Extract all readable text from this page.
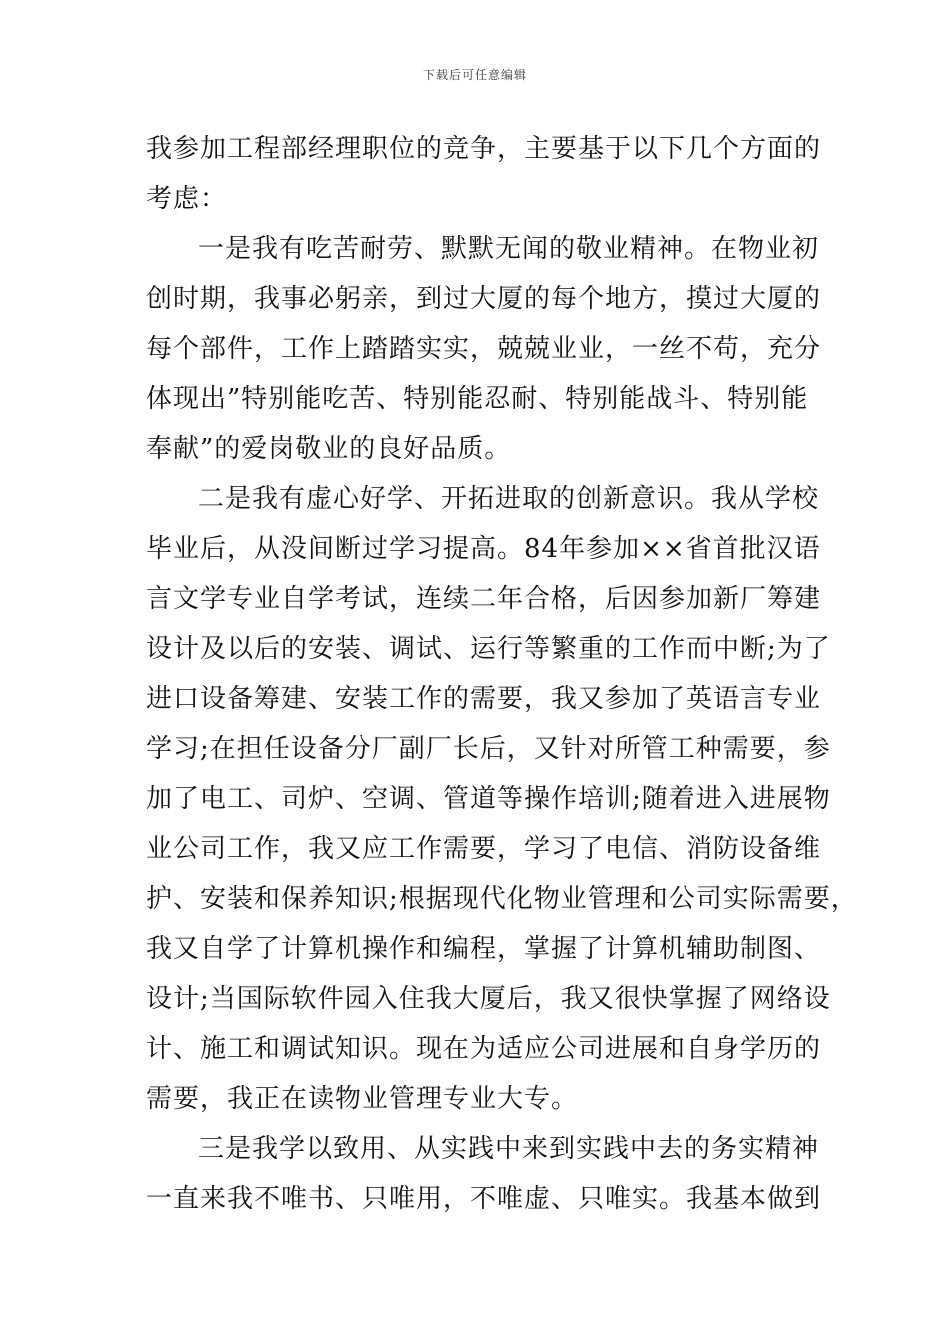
下载后可任意编辑
我参加工程部经理职位的竞争，主要基于以下几个方面的
考虑：
一是我有吃苦耐劳、默默无闻的敬业精神。在物业初
创时期，我事必躬亲，到过大厦的每个地方，摸过大厦的
每个部件，工作上踏踏实实，兢兢业业，一丝不苟，充分
体现出”特别能吃苦、特别能忍耐、特别能战斗、特别能
奉献”的爱岗敬业的良好品质。
二是我有虚心好学、开拓进取的创新意识。我从学校
毕业后，从没间断过学习提高。84年参加××省首批汉语
言文学专业自学考试，连续二年合格，后因参加新厂筹建
设计及以后的安装、调试、运行等繁重的工作而中断;为了
进口设备筹建、安装工作的需要，我又参加了英语言专业
学习;在担任设备分厂副厂长后，又针对所管工种需要，参
加了电工、司炉、空调、管道等操作培训;随着进入进展物
业公司工作，我又应工作需要，学习了电信、消防设备维
护、安装和保养知识;根据现代化物业管理和公司实际需要，
我又自学了计算机操作和编程，掌握了计算机辅助制图、
设计;当国际软件园入住我大厦后，我又很快掌握了网络设
计、施工和调试知识。现在为适应公司进展和自身学历的
需要，我正在读物业管理专业大专。
三是我学以致用、从实践中来到实践中去的务实精神
一直来我不唯书、只唯用，不唯虚、只唯实。我基本做到
